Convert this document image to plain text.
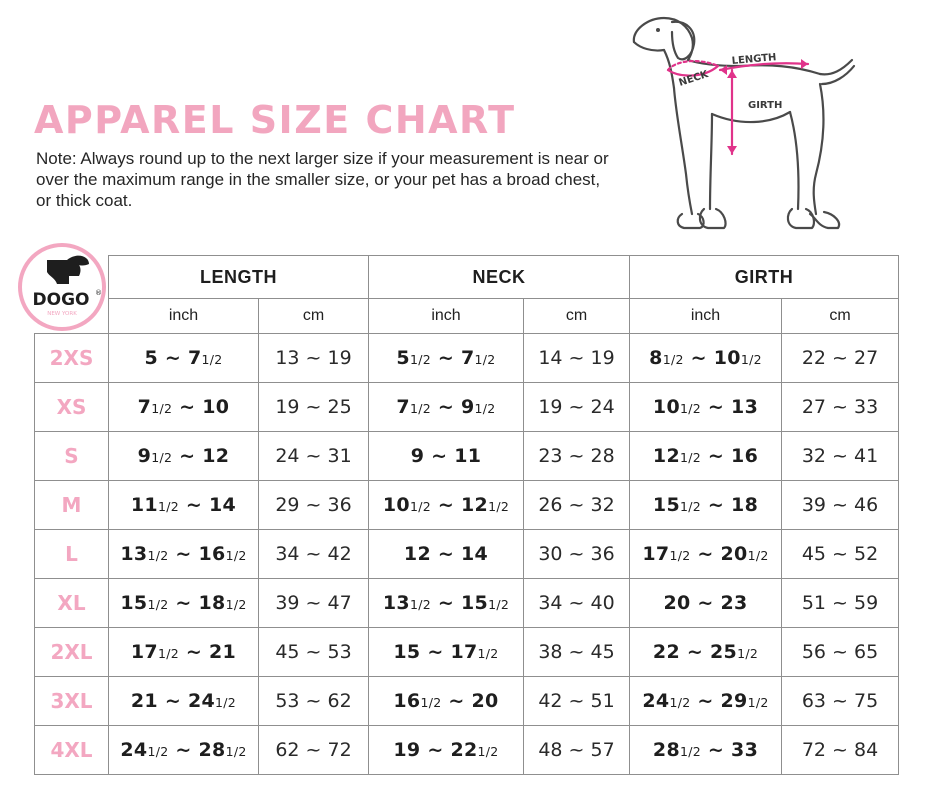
APPAREL SIZE CHART
Note: Always round up to the next larger size if your measurement is near or over the maximum range in the smaller size, or your pet has a broad chest, or thick coat.
NECK
LENGTH
GIRTH
DOGO ®
NEW YORK
	LENGTH		NECK		GIRTH	
	inch	cm	inch	cm	inch	cm
2XS	5 ~ 71/2	13 ~ 19	51/2 ~ 71/2	14 ~ 19	81/2 ~ 101/2	22 ~ 27
XS	71/2 ~ 10	19 ~ 25	71/2 ~ 91/2	19 ~ 24	101/2 ~ 13	27 ~ 33
S	91/2 ~ 12	24 ~ 31	9 ~ 11	23 ~ 28	121/2 ~ 16	32 ~ 41
M	111/2 ~ 14	29 ~ 36	101/2 ~ 121/2	26 ~ 32	151/2 ~ 18	39 ~ 46
L	131/2 ~ 161/2	34 ~ 42	12 ~ 14	30 ~ 36	171/2 ~ 201/2	45 ~ 52
XL	151/2 ~ 181/2	39 ~ 47	131/2 ~ 151/2	34 ~ 40	20 ~ 23	51 ~ 59
2XL	171/2 ~ 21	45 ~ 53	15 ~ 171/2	38 ~ 45	22 ~ 251/2	56 ~ 65
3XL	21 ~ 241/2	53 ~ 62	161/2 ~ 20	42 ~ 51	241/2 ~ 291/2	63 ~ 75
4XL	241/2 ~ 281/2	62 ~ 72	19 ~ 221/2	48 ~ 57	281/2 ~ 33	72 ~ 84
